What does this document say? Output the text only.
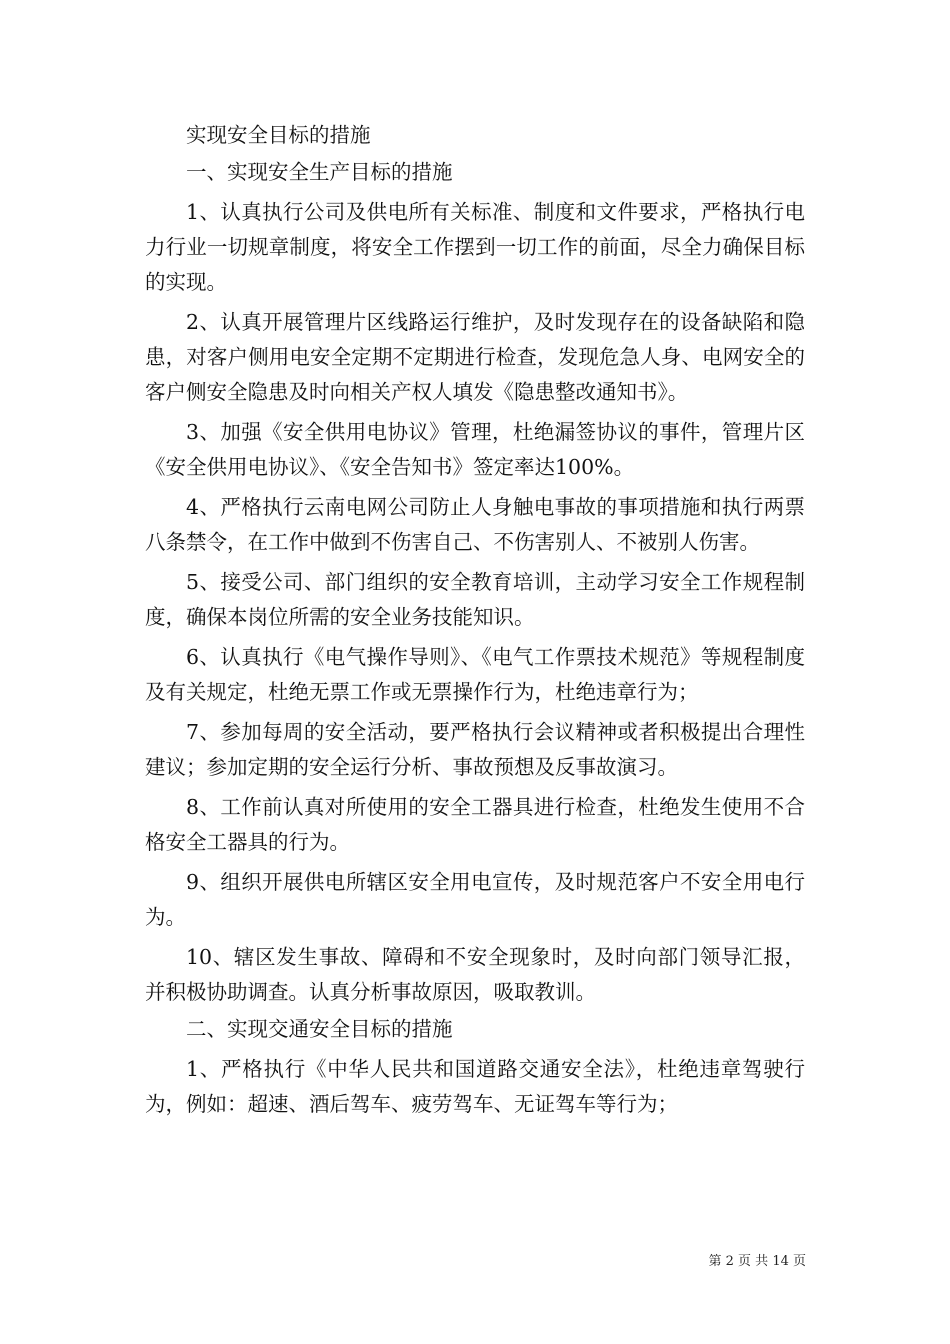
实现安全目标的措施

一、实现安全生产目标的措施

1、认真执行公司及供电所有关标准、制度和文件要求，严格执行电力行业一切规章制度，将安全工作摆到一切工作的前面，尽全力确保目标的实现。

2、认真开展管理片区线路运行维护，及时发现存在的设备缺陷和隐患，对客户侧用电安全定期不定期进行检查，发现危急人身、电网安全的客户侧安全隐患及时向相关产权人填发《隐患整改通知书》。

3、加强《安全供用电协议》管理，杜绝漏签协议的事件，管理片区《安全供用电协议》、《安全告知书》签定率达100%。

4、严格执行云南电网公司防止人身触电事故的事项措施和执行两票八条禁令，在工作中做到不伤害自己、不伤害别人、不被别人伤害。

5、接受公司、部门组织的安全教育培训，主动学习安全工作规程制度，确保本岗位所需的安全业务技能知识。

6、认真执行《电气操作导则》、《电气工作票技术规范》等规程制度及有关规定，杜绝无票工作或无票操作行为，杜绝违章行为；

7、参加每周的安全活动，要严格执行会议精神或者积极提出合理性建议；参加定期的安全运行分析、事故预想及反事故演习。

8、工作前认真对所使用的安全工器具进行检查，杜绝发生使用不合格安全工器具的行为。

9、组织开展供电所辖区安全用电宣传，及时规范客户不安全用电行为。

10、辖区发生事故、障碍和不安全现象时，及时向部门领导汇报，并积极协助调查。认真分析事故原因，吸取教训。

二、实现交通安全目标的措施

1、严格执行《中华人民共和国道路交通安全法》，杜绝违章驾驶行为，例如：超速、酒后驾车、疲劳驾车、无证驾车等行为；

第 2 页 共 14 页
